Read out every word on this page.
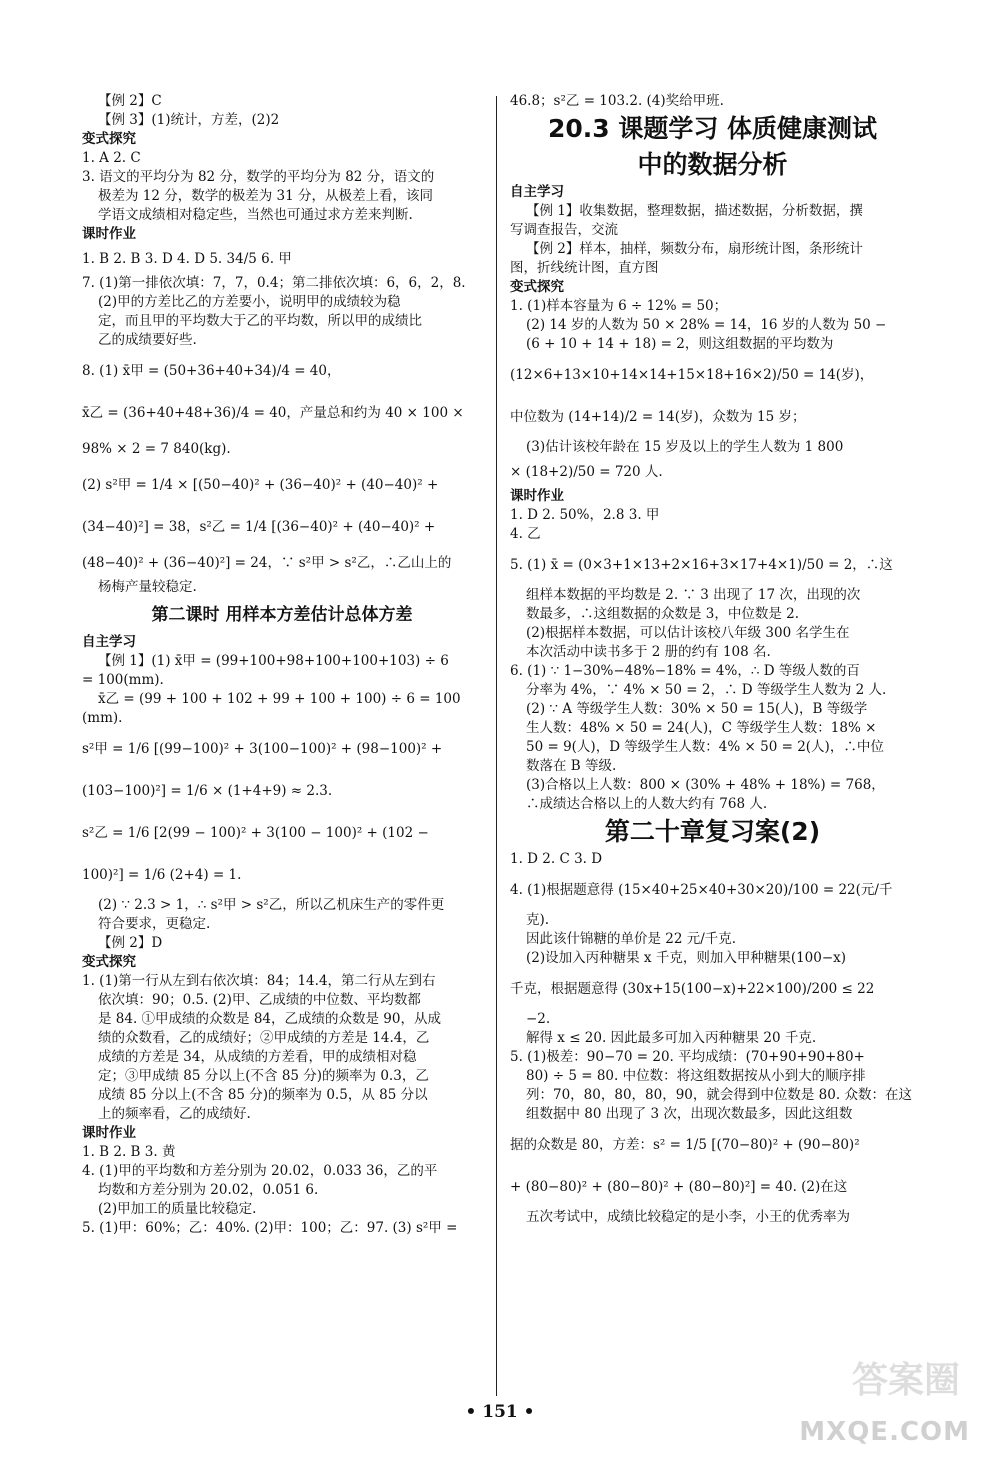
【例 2】C

【例 3】(1)统计，方差，(2)2

变式探究

1. A 2. C

3. 语文的平均分为 82 分，数学的平均分为 82 分，语文的

极差为 12 分，数学的极差为 31 分，从极差上看，该同

学语文成绩相对稳定些，当然也可通过求方差来判断.

课时作业

1. B 2. B 3. D 4. D 5. 34/5 6. 甲

7. (1)第一排依次填：7，7，0.4；第二排依次填：6，6，2，8.

(2)甲的方差比乙的方差要小，说明甲的成绩较为稳

定，而且甲的平均数大于乙的平均数，所以甲的成绩比

乙的成绩要好些.

8. (1) x̄甲 = (50+36+40+34)/4 = 40，

x̄乙 = (36+40+48+36)/4 = 40，产量总和约为 40 × 100 ×

98% × 2 = 7 840(kg).

(2) s²甲 = 1/4 × [(50−40)² + (36−40)² + (40−40)² +

(34−40)²] = 38，s²乙 = 1/4 [(36−40)² + (40−40)² +

(48−40)² + (36−40)²] = 24，∵ s²甲 > s²乙，∴乙山上的

杨梅产量较稳定.

第二课时 用样本方差估计总体方差

自主学习

【例 1】(1) x̄甲 = (99+100+98+100+100+103) ÷ 6

= 100(mm).

x̄乙 = (99 + 100 + 102 + 99 + 100 + 100) ÷ 6 = 100

(mm).

s²甲 = 1/6 [(99−100)² + 3(100−100)² + (98−100)² +

(103−100)²] = 1/6 × (1+4+9) ≈ 2.3.

s²乙 = 1/6 [2(99 − 100)² + 3(100 − 100)² + (102 −

100)²] = 1/6 (2+4) = 1.

(2) ∵ 2.3 > 1，∴ s²甲 > s²乙，所以乙机床生产的零件更

符合要求，更稳定.

【例 2】D

变式探究

1. (1)第一行从左到右依次填：84；14.4，第二行从左到右

依次填：90；0.5. (2)甲、乙成绩的中位数、平均数都

是 84. ①甲成绩的众数是 84，乙成绩的众数是 90，从成

绩的众数看，乙的成绩好；②甲成绩的方差是 14.4，乙

成绩的方差是 34，从成绩的方差看，甲的成绩相对稳

定；③甲成绩 85 分以上(不含 85 分)的频率为 0.3，乙

成绩 85 分以上(不含 85 分)的频率为 0.5，从 85 分以

上的频率看，乙的成绩好.

课时作业

1. B 2. B 3. 黄

4. (1)甲的平均数和方差分别为 20.02，0.033 36，乙的平

均数和方差分别为 20.02，0.051 6.

(2)甲加工的质量比较稳定.

5. (1)甲：60%；乙：40%. (2)甲：100；乙：97. (3) s²甲 =

46.8；s²乙 = 103.2. (4)奖给甲班.

20.3 课题学习 体质健康测试

中的数据分析

自主学习

【例 1】收集数据，整理数据，描述数据，分析数据，撰

写调查报告，交流

【例 2】样本，抽样，频数分布，扇形统计图，条形统计

图，折线统计图，直方图

变式探究

1. (1)样本容量为 6 ÷ 12% = 50；

(2) 14 岁的人数为 50 × 28% = 14，16 岁的人数为 50 −

(6 + 10 + 14 + 18) = 2，则这组数据的平均数为

(12×6+13×10+14×14+15×18+16×2)/50 = 14(岁)，

中位数为 (14+14)/2 = 14(岁)，众数为 15 岁；

(3)估计该校年龄在 15 岁及以上的学生人数为 1 800

× (18+2)/50 = 720 人.

课时作业

1. D 2. 50%，2.8 3. 甲

4. 乙

5. (1) x̄ = (0×3+1×13+2×16+3×17+4×1)/50 = 2，∴这

组样本数据的平均数是 2. ∵ 3 出现了 17 次，出现的次

数最多，∴这组数据的众数是 3，中位数是 2.

(2)根据样本数据，可以估计该校八年级 300 名学生在

本次活动中读书多于 2 册的约有 108 名.

6. (1) ∵ 1−30%−48%−18% = 4%，∴ D 等级人数的百

分率为 4%，∵ 4% × 50 = 2，∴ D 等级学生人数为 2 人.

(2) ∵ A 等级学生人数：30% × 50 = 15(人)，B 等级学

生人数：48% × 50 = 24(人)，C 等级学生人数：18% ×

50 = 9(人)，D 等级学生人数：4% × 50 = 2(人)，∴中位

数落在 B 等级.

(3)合格以上人数：800 × (30% + 48% + 18%) = 768，

∴成绩达合格以上的人数大约有 768 人.

第二十章复习案(2)

1. D 2. C 3. D

4. (1)根据题意得 (15×40+25×40+30×20)/100 = 22(元/千

克).

因此该什锦糖的单价是 22 元/千克.

(2)设加入丙种糖果 x 千克，则加入甲种糖果(100−x)

千克，根据题意得 (30x+15(100−x)+22×100)/200 ≤ 22

−2.

解得 x ≤ 20. 因此最多可加入丙种糖果 20 千克.

5. (1)极差：90−70 = 20. 平均成绩：(70+90+90+80+

80) ÷ 5 = 80. 中位数：将这组数据按从小到大的顺序排

列：70，80，80，80，90，就会得到中位数是 80. 众数：在这

组数据中 80 出现了 3 次，出现次数最多，因此这组数

据的众数是 80，方差：s² = 1/5 [(70−80)² + (90−80)²

+ (80−80)² + (80−80)² + (80−80)²] = 40. (2)在这

五次考试中，成绩比较稳定的是小李，小王的优秀率为

• 151 •
答案圈
MXQE.COM
